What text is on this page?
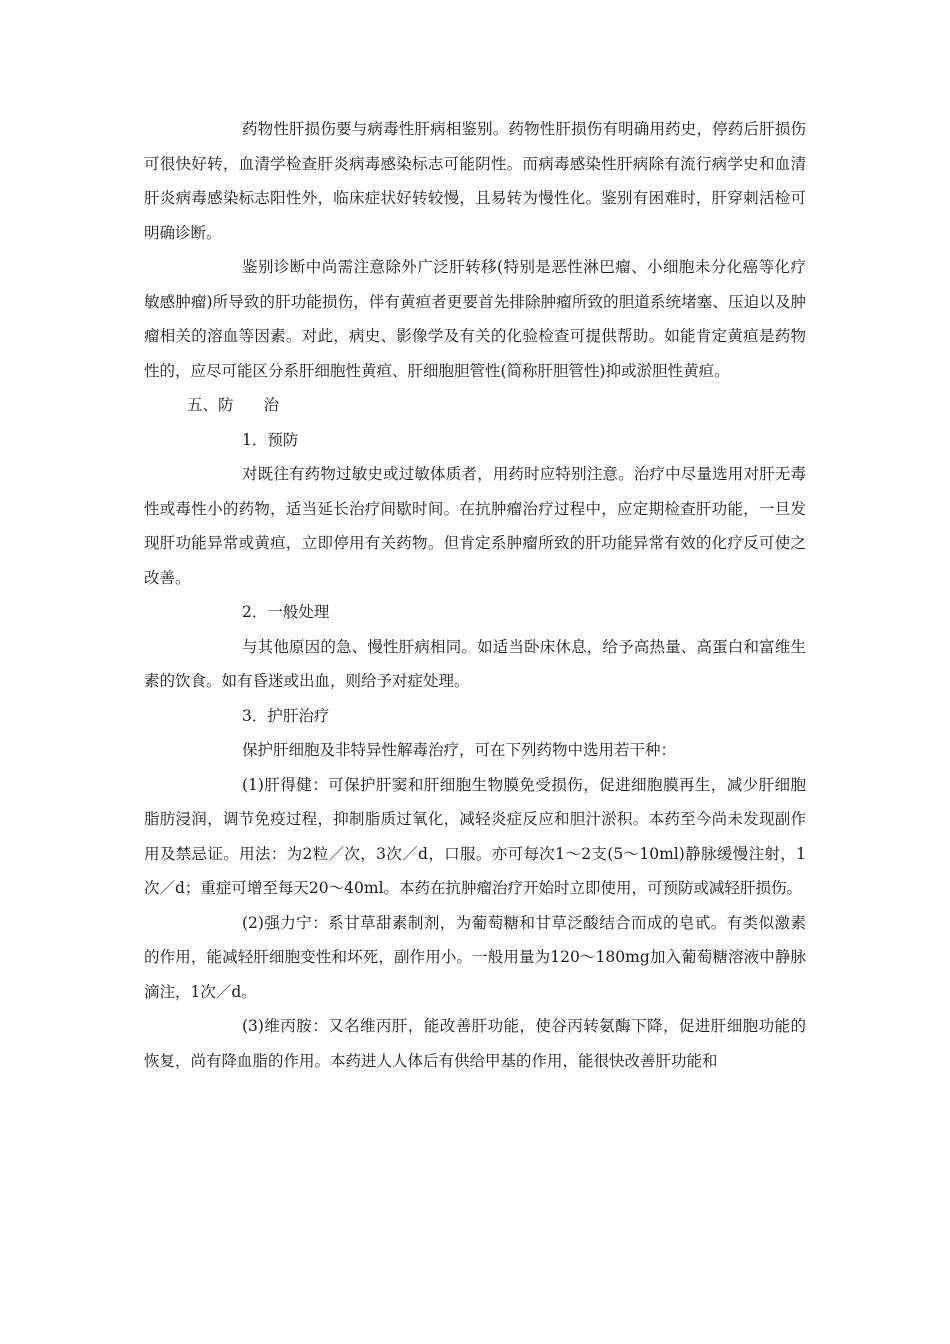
药物性肝损伤要与病毒性肝病相鉴别。药物性肝损伤有明确用药史，停药后肝损伤可很快好转，血清学检查肝炎病毒感染标志可能阴性。而病毒感染性肝病除有流行病学史和血清肝炎病毒感染标志阳性外，临床症状好转较慢，且易转为慢性化。鉴别有困难时，肝穿刺活检可明确诊断。

鉴别诊断中尚需注意除外广泛肝转移(特别是恶性淋巴瘤、小细胞未分化癌等化疗敏感肿瘤)所导致的肝功能损伤，伴有黄疸者更要首先排除肿瘤所致的胆道系统堵塞、压迫以及肿瘤相关的溶血等因素。对此，病史、影像学及有关的化验检查可提供帮助。如能肯定黄疸是药物性的，应尽可能区分系肝细胞性黄疸、肝细胞胆管性(简称肝胆管性)抑或淤胆性黄疸。

五、防 治

1．预防

对既往有药物过敏史或过敏体质者，用药时应特别注意。治疗中尽量选用对肝无毒性或毒性小的药物，适当延长治疗间歇时间。在抗肿瘤治疗过程中，应定期检查肝功能，一旦发现肝功能异常或黄疸，立即停用有关药物。但肯定系肿瘤所致的肝功能异常有效的化疗反可使之改善。

2．一般处理

与其他原因的急、慢性肝病相同。如适当卧床休息，给予高热量、高蛋白和富维生素的饮食。如有昏迷或出血，则给予对症处理。

3．护肝治疗

保护肝细胞及非特异性解毒治疗，可在下列药物中选用若干种：

(1)肝得健：可保护肝窦和肝细胞生物膜免受损伤，促进细胞膜再生，减少肝细胞脂肪浸润，调节免疫过程，抑制脂质过氧化，减轻炎症反应和胆汁淤积。本药至今尚未发现副作用及禁忌证。用法：为2粒／次，3次／d，口服。亦可每次1～2支(5～10ml)静脉缓慢注射，1次／d；重症可增至每天20～40ml。本药在抗肿瘤治疗开始时立即使用，可预防或减轻肝损伤。

(2)强力宁：系甘草甜素制剂，为葡萄糖和甘草泛酸结合而成的皂甙。有类似激素的作用，能减轻肝细胞变性和坏死，副作用小。一般用量为120～180mg加入葡萄糖溶液中静脉滴注，1次／d。

(3)维丙胺：又名维丙肝，能改善肝功能，使谷丙转氨酶下降，促进肝细胞功能的恢复，尚有降血脂的作用。本药进人人体后有供给甲基的作用，能很快改善肝功能和
